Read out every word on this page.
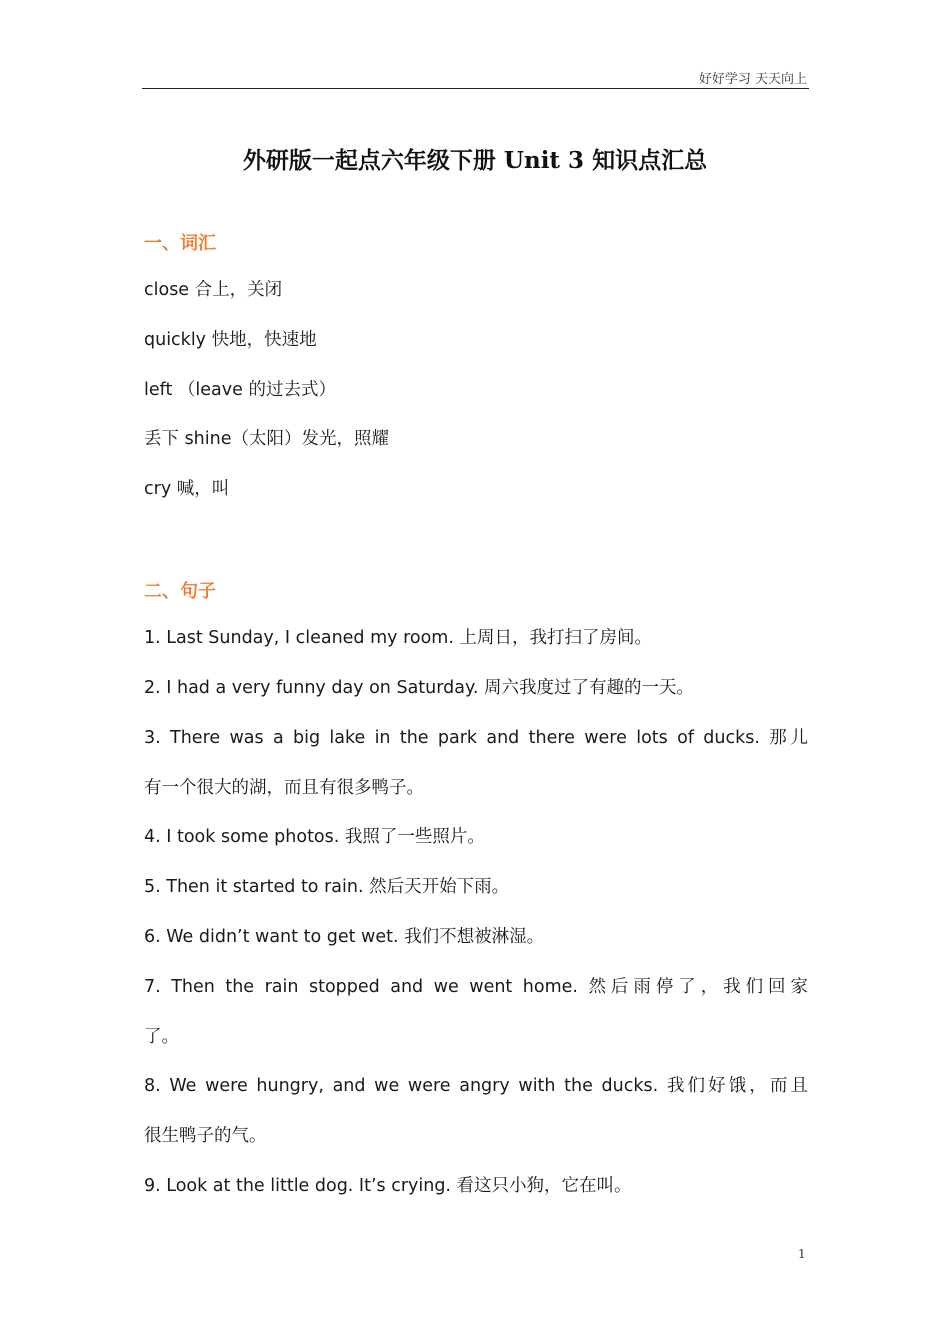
好好学习 天天向上
外研版一起点六年级下册 Unit 3 知识点汇总
一、词汇
close 合上，关闭
quickly 快地，快速地
left （leave 的过去式）
丢下 shine（太阳）发光，照耀
cry 喊，叫
二、句子
1. Last Sunday, I cleaned my room. 上周日，我打扫了房间。
2. I had a very funny day on Saturday. 周六我度过了有趣的一天。
3. There was a big lake in the park and there were lots of ducks. 那儿
有一个很大的湖，而且有很多鸭子。
4. I took some photos. 我照了一些照片。
5. Then it started to rain. 然后天开始下雨。
6. We didn’t want to get wet. 我们不想被淋湿。
7. Then the rain stopped and we went home. 然后雨停了，我们回家
了。
8. We were hungry, and we were angry with the ducks. 我们好饿，而且
很生鸭子的气。
9. Look at the little dog. It’s crying. 看这只小狗，它在叫。
1
